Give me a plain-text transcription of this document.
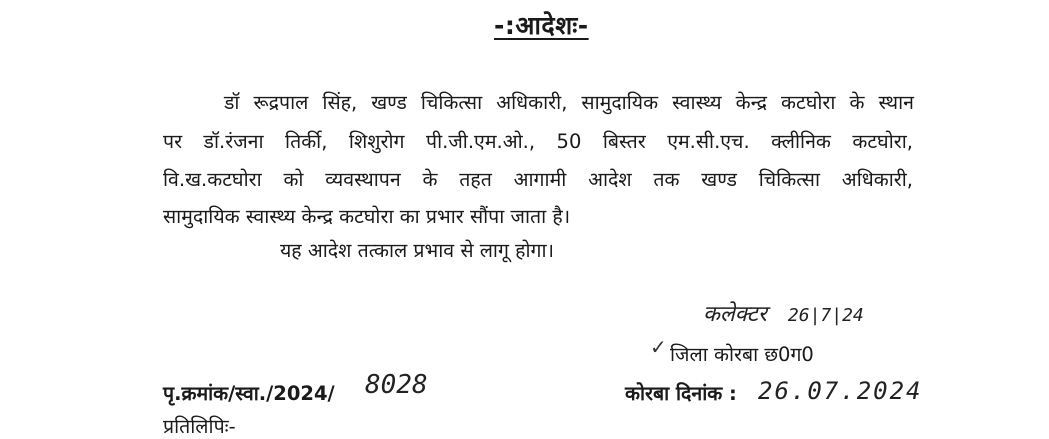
-:आदेशः-
डॉ रूद्रपाल सिंह, खण्ड चिकित्सा अधिकारी, सामुदायिक स्वास्थ्य केन्द्र कटघोरा के स्थान
पर डॉ.रंजना तिर्की, शिशुरोग पी.जी.एम.ओ., 50 बिस्तर एम.सी.एच. क्लीनिक कटघोरा,
वि.ख.कटघोरा को व्यवस्थापन के तहत आगामी आदेश तक खण्ड चिकित्सा अधिकारी,
सामुदायिक स्वास्थ्य केन्द्र कटघोरा का प्रभार सौंपा जाता है।
यह आदेश तत्काल प्रभाव से लागू होगा।
कलेक्टर 26|7|24
✓ जिला कोरबा छ0ग0
पृ.क्रमांक/स्वा./2024/ 8028	कोरबा दिनांक : 26.07.2024
प्रतिलिपिः-
